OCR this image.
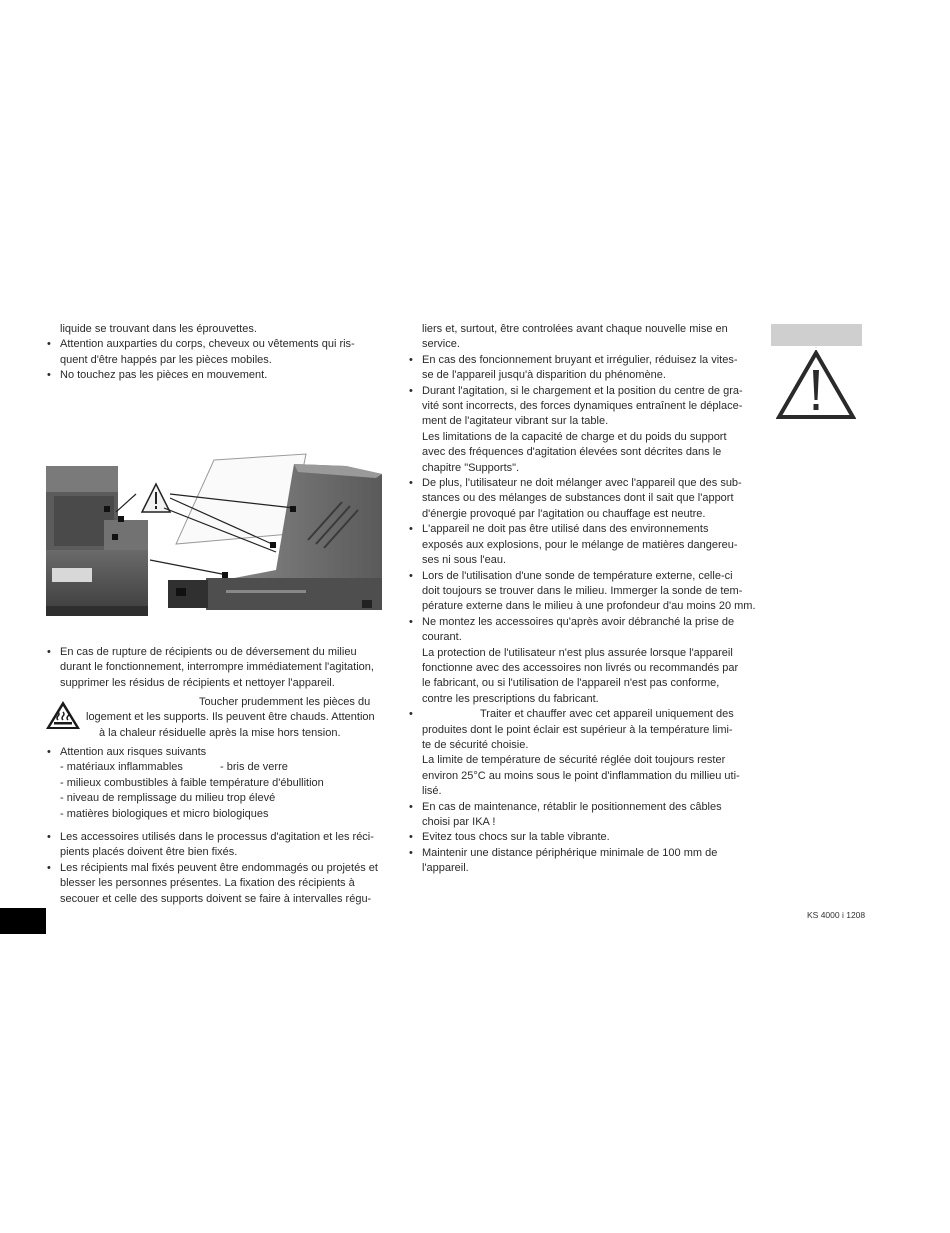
liquide se trouvant dans les éprouvettes.
• Attention auxparties du corps, cheveux ou vêtements qui ris-
quent d'être happés par les pièces mobiles.
• No touchez pas les pièces en mouvement.
• En cas de rupture de récipients ou de déversement du milieu
durant le fonctionnement, interrompre immédiatement l'agitation,
supprimer les résidus de récipients et nettoyer l'appareil.
Toucher prudemment les pièces du
logement et les supports. Ils peuvent être chauds. Attention
à la chaleur résiduelle après la mise hors tension.
• Attention aux risques suivants
- matériaux inflammables	- bris de verre
- milieux combustibles à faible température d'ébullition
- niveau de remplissage du milieu trop élevé
- matières biologiques et micro biologiques
• Les accessoires utilisés dans le processus d'agitation et les réci-
pients placés doivent être bien fixés.
• Les récipients mal fixés peuvent être endommagés ou projetés et
blesser les personnes présentes. La fixation des récipients à
secouer et celle des supports doivent se faire à intervalles régu-
liers et, surtout, être controlées avant chaque nouvelle mise en
service.
• En cas des foncionnement bruyant et irrégulier, réduisez la vites-
se de l'appareil jusqu'à disparition du phénomène.
• Durant l'agitation, si le chargement et la position du centre de gra-
vité sont incorrects, des forces dynamiques entraînent le déplace-
ment de l'agitateur vibrant sur la table.
Les limitations de la capacité de charge et du poids du support
avec des fréquences d'agitation élevées sont décrites dans le
chapitre "Supports".
• De plus, l'utilisateur ne doit mélanger avec l'appareil que des sub-
stances ou des mélanges de substances dont il sait que l'apport
d'énergie provoqué par l'agitation ou chauffage est neutre.
• L'appareil ne doit pas être utilisé dans des environnements
exposés aux explosions, pour le mélange de matières dangereu-
ses ni sous l'eau.
• Lors de l'utilisation d'une sonde de température externe, celle-ci
doit toujours se trouver dans le milieu. Immerger la sonde de tem-
pérature externe dans le milieu à une profondeur d'au moins 20 mm.
• Ne montez les accessoires qu'après avoir débranché la prise de
courant.
La protection de l'utilisateur n'est plus assurée lorsque l'appareil
fonctionne avec des accessoires non livrés ou recommandés par
le fabricant, ou si l'utilisation de l'appareil n'est pas conforme,
contre les prescriptions du fabricant.
• Traiter et chauffer avec cet appareil uniquement des
produites dont le point éclair est supérieur à la température limi-
te de sécurité choisie.
La limite de température de sécurité réglée doit toujours rester
environ 25°C au moins sous le point d'inflammation du millieu uti-
lisé.
• En cas de maintenance, rétablir le positionnement des câbles
choisi par IKA !
• Evitez tous chocs sur la table vibrante.
• Maintenir une distance périphérique minimale de 100 mm de
l'appareil.
KS 4000 i 1208
